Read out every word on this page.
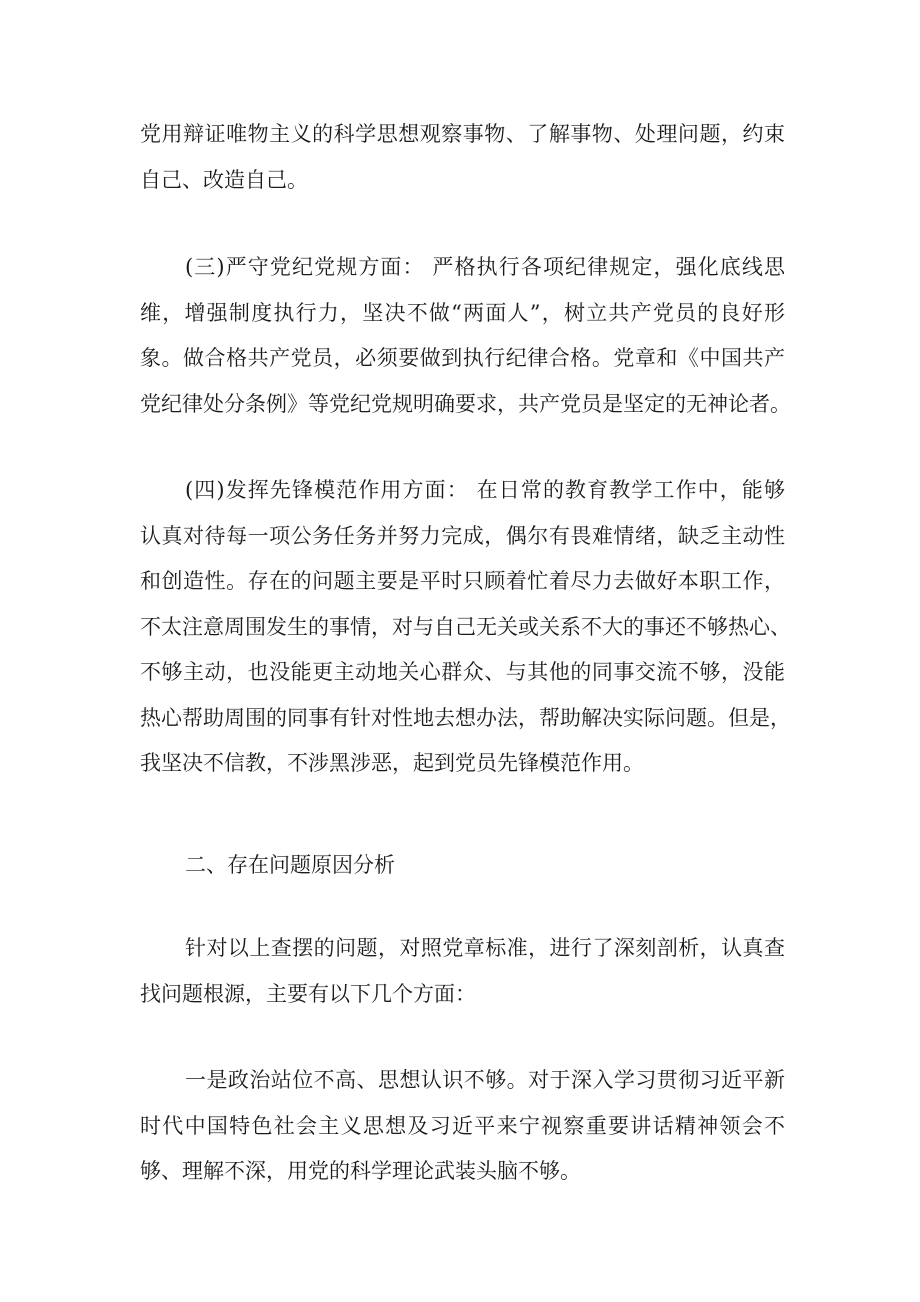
党用辩证唯物主义的科学思想观察事物、了解事物、处理问题，约束
自己、改造自己。
(三)严守党纪党规方面： 严格执行各项纪律规定，强化底线思
维，增强制度执行力，坚决不做“两面人”，树立共产党员的良好形
象。做合格共产党员，必须要做到执行纪律合格。党章和《中国共产
党纪律处分条例》等党纪党规明确要求，共产党员是坚定的无神论者。
(四)发挥先锋模范作用方面： 在日常的教育教学工作中，能够
认真对待每一项公务任务并努力完成，偶尔有畏难情绪，缺乏主动性
和创造性。存在的问题主要是平时只顾着忙着尽力去做好本职工作，
不太注意周围发生的事情，对与自己无关或关系不大的事还不够热心、
不够主动，也没能更主动地关心群众、与其他的同事交流不够，没能
热心帮助周围的同事有针对性地去想办法，帮助解决实际问题。但是，
我坚决不信教，不涉黑涉恶，起到党员先锋模范作用。
二、存在问题原因分析
针对以上查摆的问题，对照党章标准，进行了深刻剖析，认真查
找问题根源，主要有以下几个方面：
一是政治站位不高、思想认识不够。对于深入学习贯彻习近平新
时代中国特色社会主义思想及习近平来宁视察重要讲话精神领会不
够、理解不深，用党的科学理论武装头脑不够。
